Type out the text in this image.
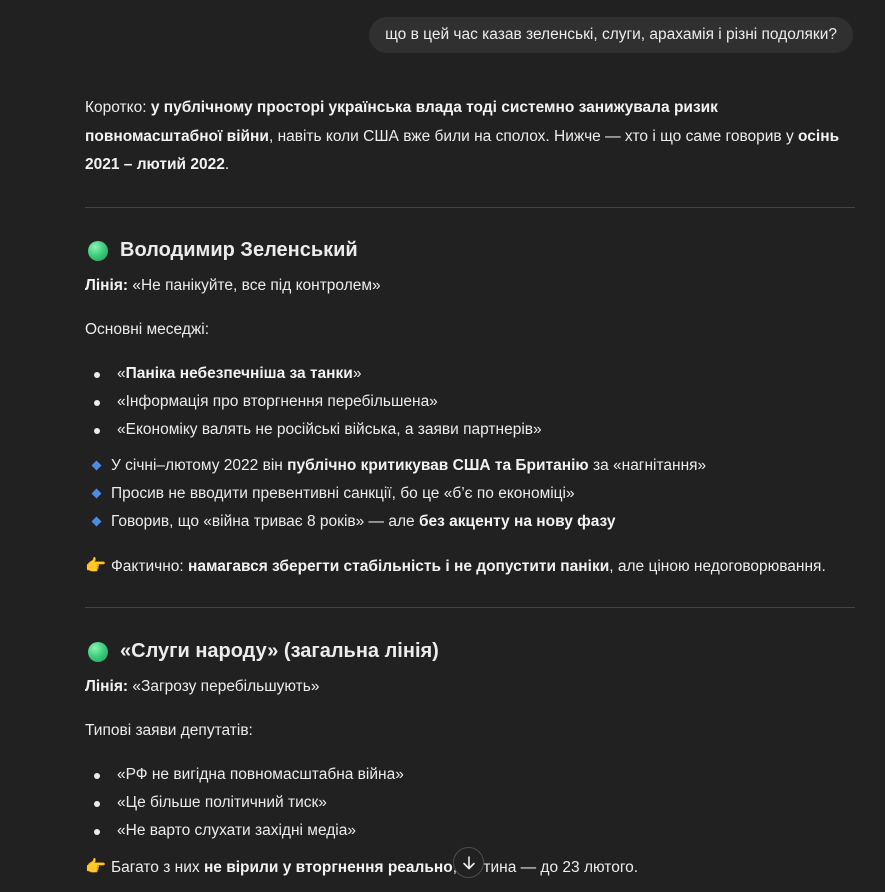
що в цей час казав зеленські, слуги, арахамія і різні подоляки?

Коротко: у публічному просторі українська влада тоді системно занижувала ризик повномасштабної війни, навіть коли США вже били на сполох. Нижче — хто і що саме говорив у осінь 2021 – лютий 2022.

Володимир Зеленський

Лінія: «Не панікуйте, все під контролем»

Основні меседжі:

«Паніка небезпечніша за танки»
«Інформація про вторгнення перебільшена»
«Економіку валять не російські війська, а заяви партнерів»
У січні–лютому 2022 він публічно критикував США та Британію за «нагнітання»
Просив не вводити превентивні санкції, бо це «б’є по економіці»
Говорив, що «війна триває 8 років» — але без акценту на нову фазу

👉 Фактично: намагався зберегти стабільність і не допустити паніки, але ціною недоговорювання.

«Слуги народу» (загальна лінія)

Лінія: «Загрозу перебільшують»

Типові заяви депутатів:

«РФ не вигідна повномасштабна війна»
«Це більше політичний тиск»
«Не варто слухати західні медіа»

👉 Багато з них не вірили у вторгнення реально тина — до 23 лютого.
